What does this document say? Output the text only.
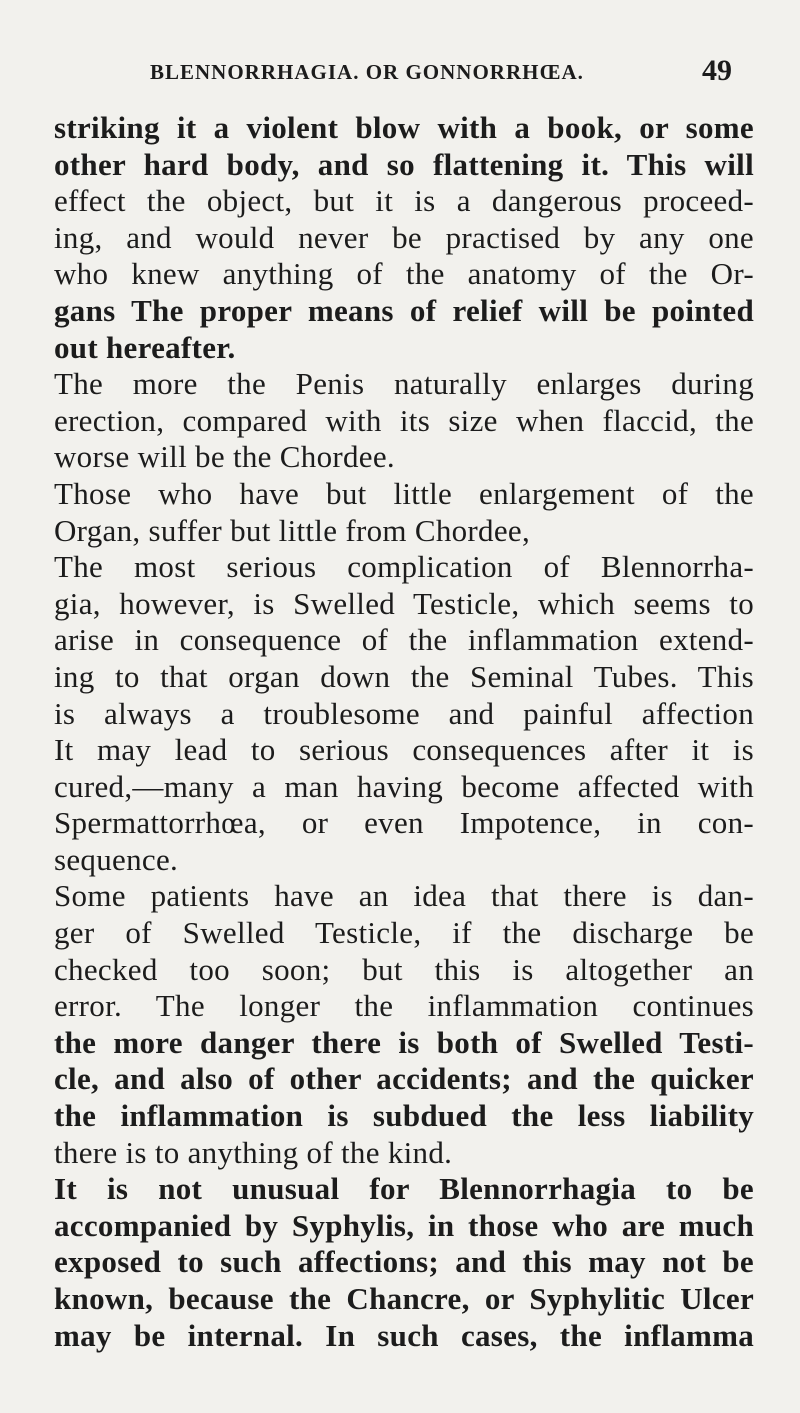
BLENNORRHAGIA. OR GONNORRHŒA.	49
striking it a violent blow with a book, or some
other hard body, and so flattening it. This will
effect the object, but it is a dangerous proceed-
ing, and would never be practised by any one
who knew anything of the anatomy of the Or-
gans The proper means of relief will be pointed
out hereafter.
The more the Penis naturally enlarges during
erection, compared with its size when flaccid, the
worse will be the Chordee.
Those who have but little enlargement of the
Organ, suffer but little from Chordee,
The most serious complication of Blennorrha-
gia, however, is Swelled Testicle, which seems to
arise in consequence of the inflammation extend-
ing to that organ down the Seminal Tubes. This
is always a troublesome and painful affection
It may lead to serious consequences after it is
cured,—many a man having become affected with
Spermattorrhœa, or even Impotence, in con-
sequence.
Some patients have an idea that there is dan-
ger of Swelled Testicle, if the discharge be
checked too soon; but this is altogether an
error. The longer the inflammation continues
the more danger there is both of Swelled Testi-
cle, and also of other accidents; and the quicker
the inflammation is subdued the less liability
there is to anything of the kind.
It is not unusual for Blennorrhagia to be
accompanied by Syphylis, in those who are much
exposed to such affections; and this may not be
known, because the Chancre, or Syphylitic Ulcer
may be internal. In such cases, the inflamma
